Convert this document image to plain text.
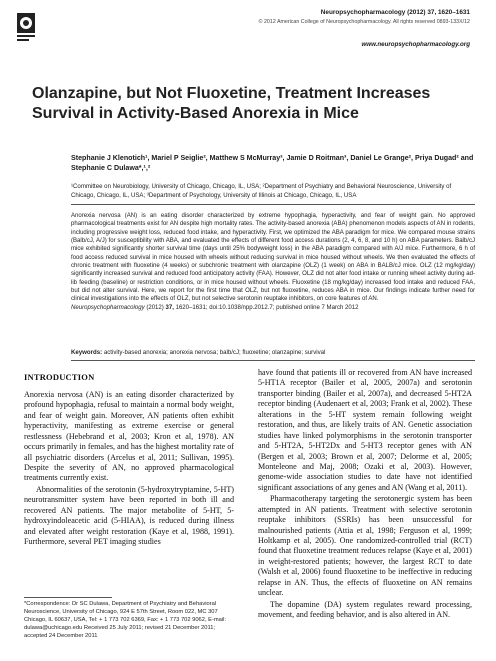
Neuropsychopharmacology (2012) 37, 1620–1631
© 2012 American College of Neuropsychopharmacology. All rights reserved 0893-133X/12
www.neuropsychopharmacology.org
Olanzapine, but Not Fluoxetine, Treatment Increases Survival in Activity-Based Anorexia in Mice
Stephanie J Klenotich¹, Mariel P Seiglie², Matthew S McMurray³, Jamie D Roitman³, Daniel Le Grange², Priya Dugad² and Stephanie C Dulawa*,¹,²
¹Committee on Neurobiology, University of Chicago, Chicago, IL, USA; ²Department of Psychiatry and Behavioral Neuroscience, University of Chicago, Chicago, IL, USA; ³Department of Psychology, University of Illinois at Chicago, Chicago, IL, USA
Anorexia nervosa (AN) is an eating disorder characterized by extreme hypophagia, hyperactivity, and fear of weight gain. No approved pharmacological treatments exist for AN despite high mortality rates. The activity-based anorexia (ABA) phenomenon models aspects of AN in rodents, including progressive weight loss, reduced food intake, and hyperactivity. First, we optimized the ABA paradigm for mice. We compared mouse strains (Balb/cJ, A/J) for susceptibility with ABA, and evaluated the effects of different food access durations (2, 4, 6, 8, and 10 h) on ABA parameters. Balb/cJ mice exhibited significantly shorter survival time (days until 25% bodyweight loss) in the ABA paradigm compared with A/J mice. Furthermore, 6 h of food access reduced survival in mice housed with wheels without reducing survival in mice housed without wheels. We then evaluated the effects of chronic treatment with fluoxetine (4 weeks) or subchronic treatment with olanzapine (OLZ) (1 week) on ABA in BALB/cJ mice. OLZ (12 mg/kg/day) significantly increased survival and reduced food anticipatory activity (FAA). However, OLZ did not alter food intake or running wheel activity during ad-lib feeding (baseline) or restriction conditions, or in mice housed without wheels. Fluoxetine (18 mg/kg/day) increased food intake and reduced FAA, but did not alter survival. Here, we report for the first time that OLZ, but not fluoxetine, reduces ABA in mice. Our findings indicate further need for clinical investigations into the effects of OLZ, but not selective serotonin reuptake inhibitors, on core features of AN.
Neuropsychopharmacology (2012) 37, 1620–1631; doi:10.1038/npp.2012.7; published online 7 March 2012
Keywords: activity-based anorexia; anorexia nervosa; balb/cJ; fluoxetine; olanzapine; survival
INTRODUCTION

Anorexia nervosa (AN) is an eating disorder characterized by profound hypophagia, refusal to maintain a normal body weight, and fear of weight gain. Moreover, AN patients often exhibit hyperactivity, manifesting as extreme exercise or general restlessness (Hebebrand et al, 2003; Kron et al, 1978). AN occurs primarily in females, and has the highest mortality rate of all psychiatric disorders (Arcelus et al, 2011; Sullivan, 1995). Despite the severity of AN, no approved pharmacological treatments currently exist.

Abnormalities of the serotonin (5-hydroxytryptamine, 5-HT) neurotransmitter system have been reported in both ill and recovered AN patients. The major metabolite of 5-HT, 5-hydroxyindoleacetic acid (5-HIAA), is reduced during illness and elevated after weight restoration (Kaye et al, 1988, 1991). Furthermore, several PET imaging studies

have found that patients ill or recovered from AN have increased 5-HT1A receptor (Bailer et al, 2005, 2007a) and serotonin transporter binding (Bailer et al, 2007a), and decreased 5-HT2A receptor binding (Audenaert et al, 2003; Frank et al, 2002). These alterations in the 5-HT system remain following weight restoration, and thus, are likely traits of AN. Genetic association studies have linked polymorphisms in the serotonin transporter and 5-HT2A, 5-HT2Dx and 5-HT3 receptor genes with AN (Bergen et al, 2003; Brown et al, 2007; Delorme et al, 2005; Monteleone and Maj, 2008; Ozaki et al, 2003). However, genome-wide association studies to date have not identified significant associations of any genes and AN (Wang et al, 2011).

Pharmacotherapy targeting the serotonergic system has been attempted in AN patients. Treatment with selective serotonin reuptake inhibitors (SSRIs) has been unsuccessful for malnourished patients (Attia et al, 1998; Ferguson et al, 1999; Holtkamp et al, 2005). One randomized-controlled trial (RCT) found that fluoxetine treatment reduces relapse (Kaye et al, 2001) in weight-restored patients; however, the largest RCT to date (Walsh et al, 2006) found fluoxetine to be ineffective in reducing relapse in AN. Thus, the effects of fluoxetine on AN remains unclear.

The dopamine (DA) system regulates reward processing, movement, and feeding behavior, and is also altered in AN.

*Correspondence: Dr SC Dulawa, Department of Psychiatry and Behavioral Neuroscience, University of Chicago, 924 E 57th Street, Room 022, MC 307 Chicago, IL 60637, USA, Tel: + 1 773 702 6369, Fax: + 1 773 702 9062, E-mail: dulawa@uchicago.edu Received 25 July 2011; revised 21 December 2011; accepted 24 December 2011
